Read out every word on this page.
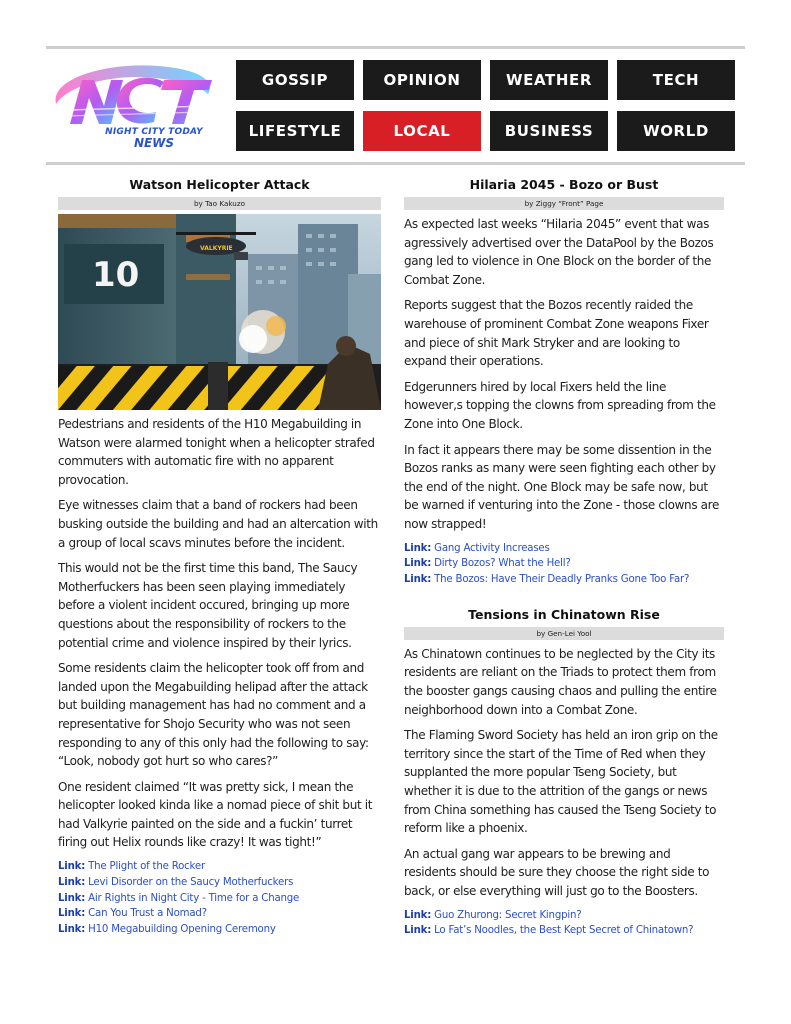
NIGHT CITY TODAY
NEWS
GOSSIP	OPINION	WEATHER	TECH
LIFESTYLE	LOCAL	BUSINESS	WORLD
Watson Helicopter Attack
by Tao Kakuzo
10
VALKYRIE
Pedestrians and residents of the H10 Megabuilding in Watson were alarmed tonight when a helicopter strafed commuters with automatic fire with no apparent provocation.
Eye witnesses claim that a band of rockers had been busking outside the building and had an altercation with a group of local scavs minutes before the incident.
This would not be the first time this band, The Saucy Motherfuckers has been seen playing immediately before a violent incident occured, bringing up more questions about the responsibility of rockers to the potential crime and violence inspired by their lyrics.
Some residents claim the helicopter took off from and landed upon the Megabuilding helipad after the attack but building management has had no comment and a representative for Shojo Security who was not seen responding to any of this only had the following to say: “Look, nobody got hurt so who cares?”
One resident claimed “It was pretty sick, I mean the helicopter looked kinda like a nomad piece of shit but it had Valkyrie painted on the side and a fuckin’ turret firing out Helix rounds like crazy! It was tight!”
Link: The Plight of the Rocker
Link: Levi Disorder on the Saucy Motherfuckers
Link: Air Rights in Night City - Time for a Change
Link: Can You Trust a Nomad?
Link: H10 Megabuilding Opening Ceremony
Hilaria 2045 - Bozo or Bust
by Ziggy “Front” Page
As expected last weeks “Hilaria 2045” event that was agressively advertised over the DataPool by the Bozos gang led to violence in One Block on the border of the Combat Zone.
Reports suggest that the Bozos recently raided the warehouse of prominent Combat Zone weapons Fixer and piece of shit Mark Stryker and are looking to expand their operations.
Edgerunners hired by local Fixers held the line however,s topping the clowns from spreading from the Zone into One Block.
In fact it appears there may be some dissention in the Bozos ranks as many were seen fighting each other by the end of the night. One Block may be safe now, but be warned if venturing into the Zone - those clowns are now strapped!
Link: Gang Activity Increases
Link: Dirty Bozos? What the Hell?
Link: The Bozos: Have Their Deadly Pranks Gone Too Far?
Tensions in Chinatown Rise
by Gen-Lei Yool
As Chinatown continues to be neglected by the City its residents are reliant on the Triads to protect them from the booster gangs causing chaos and pulling the entire neighborhood down into a Combat Zone.
The Flaming Sword Society has held an iron grip on the territory since the start of the Time of Red when they supplanted the more popular Tseng Society, but whether it is due to the attrition of the gangs or news from China something has caused the Tseng Society to reform like a phoenix.
An actual gang war appears to be brewing and residents should be sure they choose the right side to back, or else everything will just go to the Boosters.
Link: Guo Zhurong: Secret Kingpin?
Link: Lo Fat’s Noodles, the Best Kept Secret of Chinatown?
